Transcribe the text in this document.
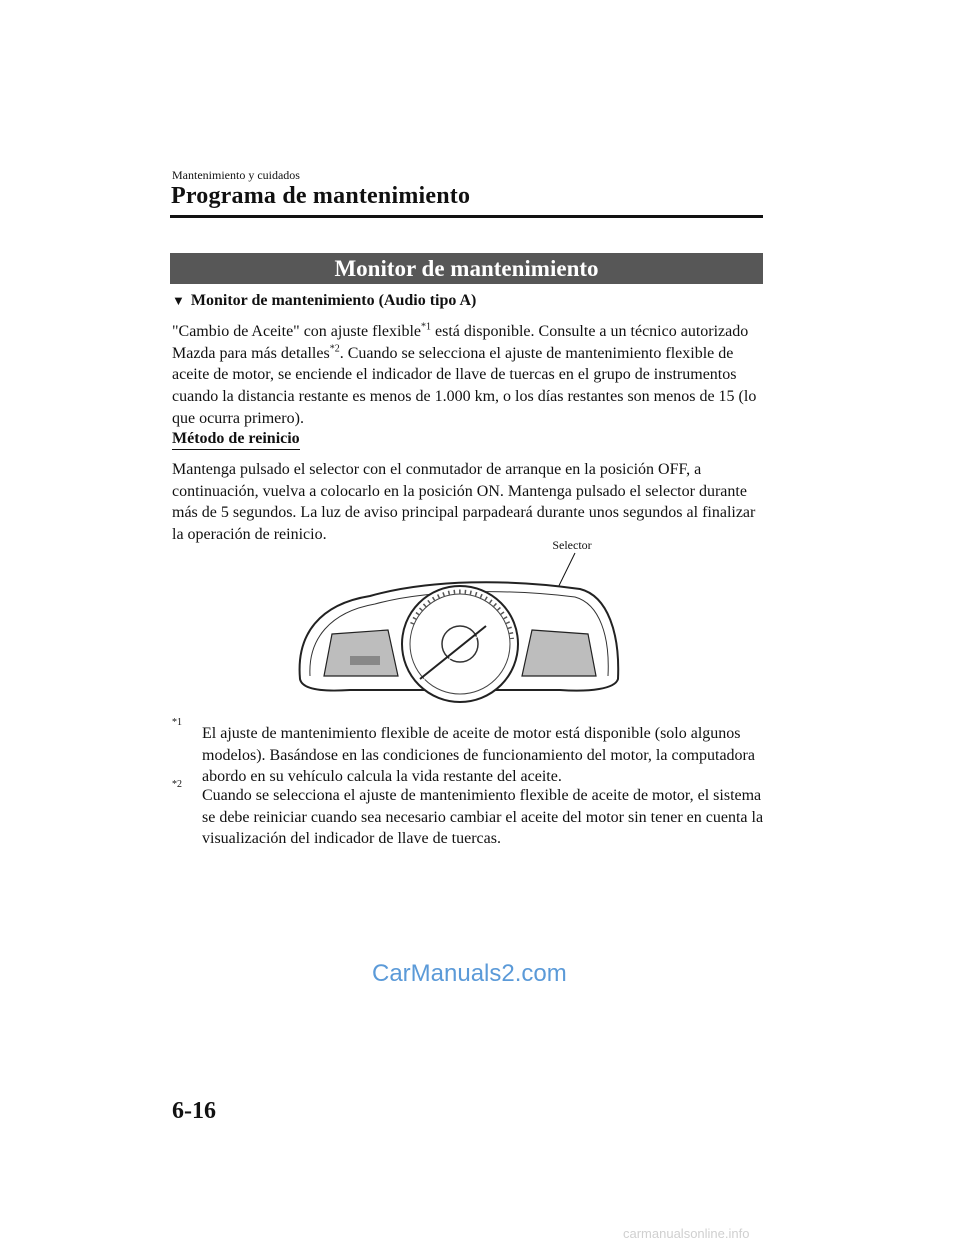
Mantenimiento y cuidados
Programa de mantenimiento
Monitor de mantenimiento
▼ Monitor de mantenimiento (Audio tipo A)
"Cambio de Aceite" con ajuste flexible$^{*1}$ está disponible. Consulte a un técnico autorizado Mazda para más detalles$^{*2}$. Cuando se selecciona el ajuste de mantenimiento flexible de aceite de motor, se enciende el indicador de llave de tuercas en el grupo de instrumentos cuando la distancia restante es menos de 1.000 km, o los días restantes son menos de 15 (lo que ocurra primero).
Método de reinicio
Mantenga pulsado el selector con el conmutador de arranque en la posición OFF, a continuación, vuelva a colocarlo en la posición ON. Mantenga pulsado el selector durante más de 5 segundos. La luz de aviso principal parpadeará durante unos segundos al finalizar la operación de reinicio.
Selector
*1
El ajuste de mantenimiento flexible de aceite de motor está disponible (solo algunos modelos). Basándose en las condiciones de funcionamiento del motor, la computadora abordo en su vehículo calcula la vida restante del aceite.
*2
Cuando se selecciona el ajuste de mantenimiento flexible de aceite de motor, el sistema se debe reiniciar cuando sea necesario cambiar el aceite del motor sin tener en cuenta la visualización del indicador de llave de tuercas.
CarManuals2.com
6-16
carmanualsonline.info
